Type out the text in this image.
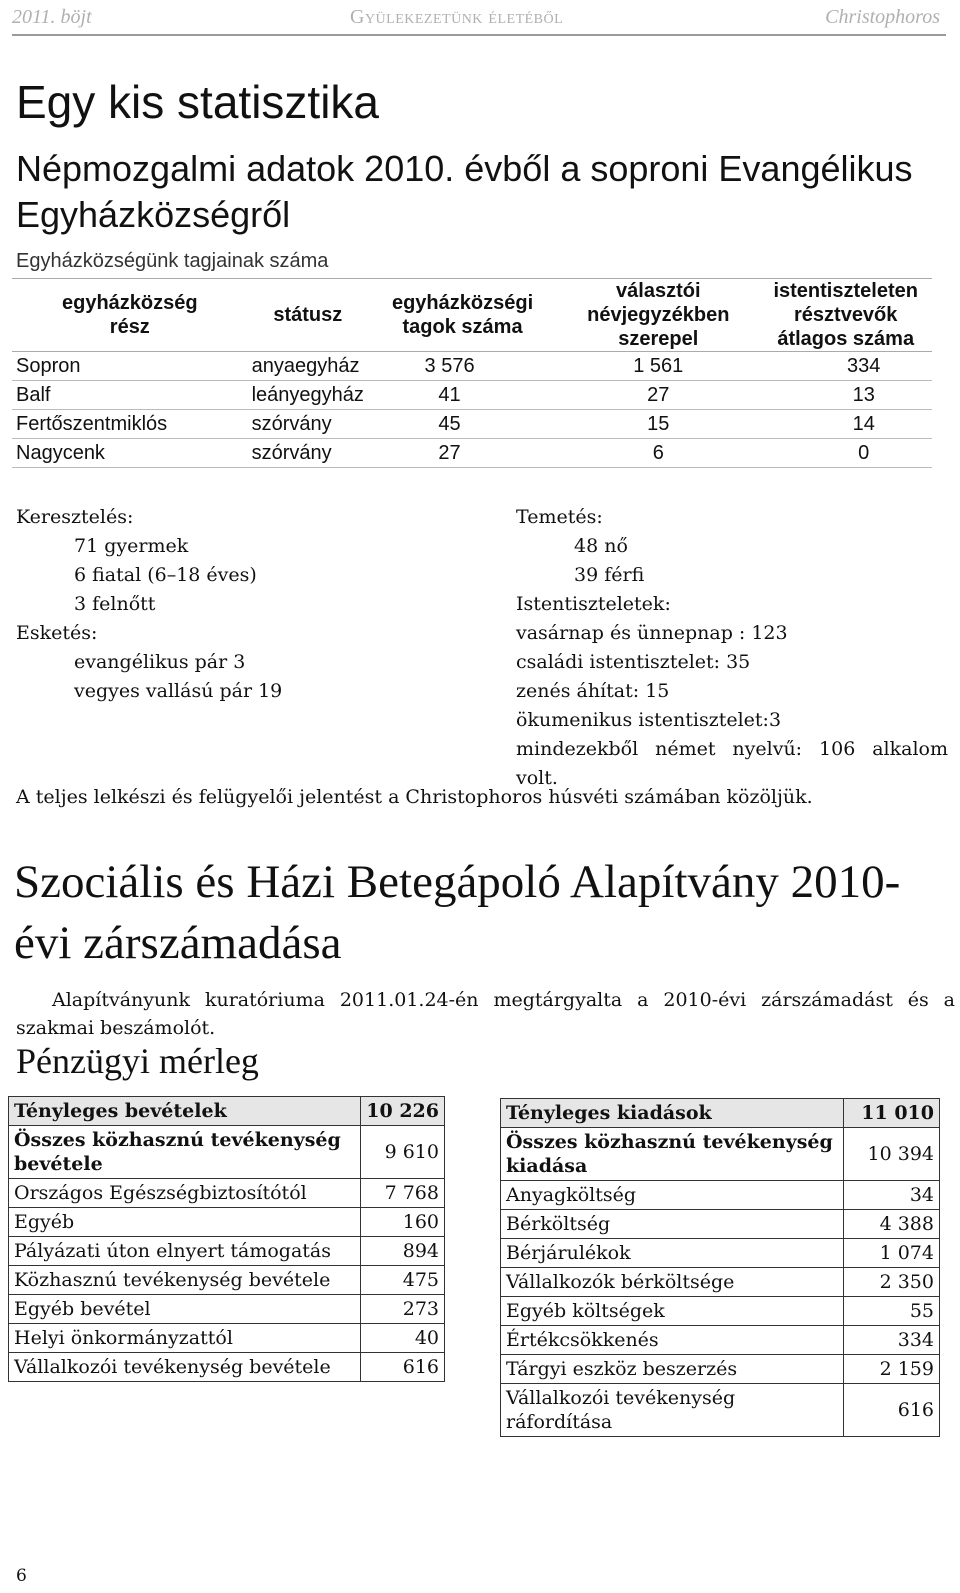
2011. böjt	Gyülekezetünk életéből	Christophoros
Egy kis statisztika
Népmozgalmi adatok 2010. évből a soproni Evangélikus Egyházközségről
Egyházközségünk tagjainak száma
egyházközség rész	státusz	egyházközségi tagok száma	választói névjegyzékben szerepel	istentiszteleten résztvevők átlagos száma
Sopron	anyaegyház	3 576	1 561	334
Balf	leányegyház	41	27	13
Fertőszentmiklós	szórvány	45	15	14
Nagycenk	szórvány	27	6	0
Keresztelés:
71 gyermek
6 fiatal (6–18 éves)
3 felnőtt
Esketés:
evangélikus pár 3
vegyes vallású pár 19
Temetés:
48 nő
39 férfi
Istentiszteletek:
vasárnap és ünnepnap : 123
családi istentisztelet: 35
zenés áhítat: 15
ökumenikus istentisztelet:3
mindezekből német nyelvű: 106 alkalom
volt.
A teljes lelkészi és felügyelői jelentést a Christophoros húsvéti számában közöljük.
Szociális és Házi Betegápoló Alapítvány 2010-évi zárszámadása
Alapítványunk kuratóriuma 2011.01.24-én megtárgyalta a 2010-évi zárszámadást és a
szakmai beszámolót.
Pénzügyi mérleg
Tényleges bevételek	10 226
Összes közhasznú tevékenység bevétele	9 610
Országos Egészségbiztosítótól	7 768
Egyéb	160
Pályázati úton elnyert támogatás	894
Közhasznú tevékenység bevétele	475
Egyéb bevétel	273
Helyi önkormányzattól	40
Vállalkozói tevékenység bevétele	616
Tényleges kiadások	11 010
Összes közhasznú tevékenység kiadása	10 394
Anyagköltség	34
Bérköltség	4 388
Bérjárulékok	1 074
Vállalkozók bérköltsége	2 350
Egyéb költségek	55
Értékcsökkenés	334
Tárgyi eszköz beszerzés	2 159
Vállalkozói tevékenység ráfordítása	616
6
